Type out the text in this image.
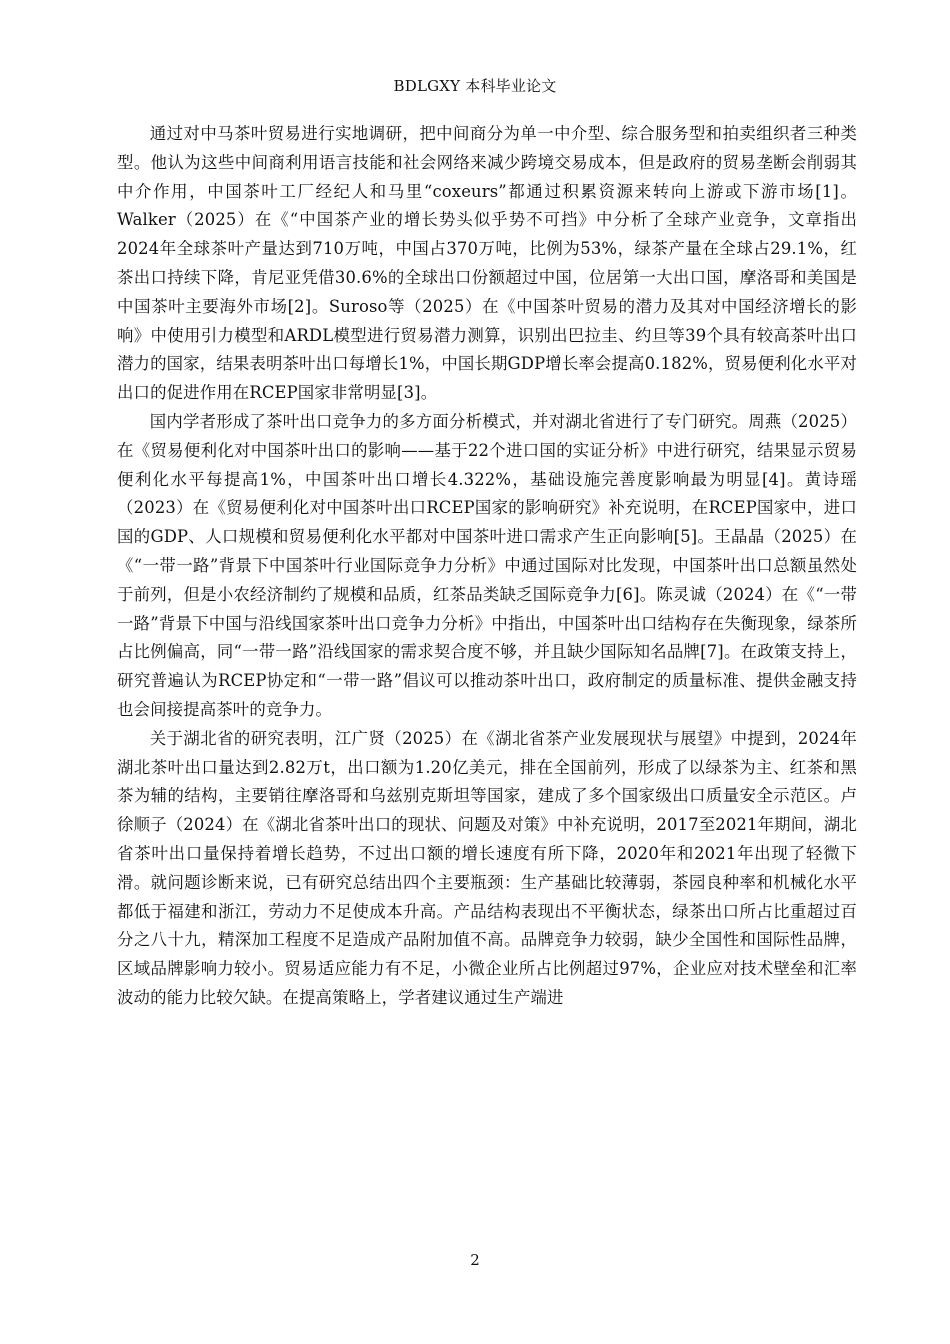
BDLGXY 本科毕业论文

通过对中马茶叶贸易进行实地调研，把中间商分为单一中介型、综合服务型和拍卖组织者三种类型。他认为这些中间商利用语言技能和社会网络来减少跨境交易成本，但是政府的贸易垄断会削弱其中介作用，中国茶叶工厂经纪人和马里“coxeurs”都通过积累资源来转向上游或下游市场[1]。Walker（2025）在《“中国茶产业的增长势头似乎势不可挡》中分析了全球产业竞争，文章指出2024年全球茶叶产量达到710万吨，中国占370万吨，比例为53%，绿茶产量在全球占29.1%，红茶出口持续下降，肯尼亚凭借30.6%的全球出口份额超过中国，位居第一大出口国，摩洛哥和美国是中国茶叶主要海外市场[2]。Suroso等（2025）在《中国茶叶贸易的潜力及其对中国经济增长的影响》中使用引力模型和ARDL模型进行贸易潜力测算，识别出巴拉圭、约旦等39个具有较高茶叶出口潜力的国家，结果表明茶叶出口每增长1%，中国长期GDP增长率会提高0.182%，贸易便利化水平对出口的促进作用在RCEP国家非常明显[3]。

国内学者形成了茶叶出口竞争力的多方面分析模式，并对湖北省进行了专门研究。周燕（2025）在《贸易便利化对中国茶叶出口的影响——基于22个进口国的实证分析》中进行研究，结果显示贸易便利化水平每提高1%，中国茶叶出口增长4.322%，基础设施完善度影响最为明显[4]。黄诗瑶（2023）在《贸易便利化对中国茶叶出口RCEP国家的影响研究》补充说明，在RCEP国家中，进口国的GDP、人口规模和贸易便利化水平都对中国茶叶进口需求产生正向影响[5]。王晶晶（2025）在《“一带一路”背景下中国茶叶行业国际竞争力分析》中通过国际对比发现，中国茶叶出口总额虽然处于前列，但是小农经济制约了规模和品质，红茶品类缺乏国际竞争力[6]。陈灵诚（2024）在《“一带一路”背景下中国与沿线国家茶叶出口竞争力分析》中指出，中国茶叶出口结构存在失衡现象，绿茶所占比例偏高，同“一带一路”沿线国家的需求契合度不够，并且缺少国际知名品牌[7]。在政策支持上，研究普遍认为RCEP协定和“一带一路”倡议可以推动茶叶出口，政府制定的质量标准、提供金融支持也会间接提高茶叶的竞争力。

关于湖北省的研究表明，江广贤（2025）在《湖北省茶产业发展现状与展望》中提到，2024年湖北茶叶出口量达到2.82万t，出口额为1.20亿美元，排在全国前列，形成了以绿茶为主、红茶和黑茶为辅的结构，主要销往摩洛哥和乌兹别克斯坦等国家，建成了多个国家级出口质量安全示范区。卢徐顺子（2024）在《湖北省茶叶出口的现状、问题及对策》中补充说明，2017至2021年期间，湖北省茶叶出口量保持着增长趋势，不过出口额的增长速度有所下降，2020年和2021年出现了轻微下滑。就问题诊断来说，已有研究总结出四个主要瓶颈：生产基础比较薄弱，茶园良种率和机械化水平都低于福建和浙江，劳动力不足使成本升高。产品结构表现出不平衡状态，绿茶出口所占比重超过百分之八十九，精深加工程度不足造成产品附加值不高。品牌竞争力较弱，缺少全国性和国际性品牌，区域品牌影响力较小。贸易适应能力有不足，小微企业所占比例超过97%，企业应对技术壁垒和汇率波动的能力比较欠缺。在提高策略上，学者建议通过生产端进

2
